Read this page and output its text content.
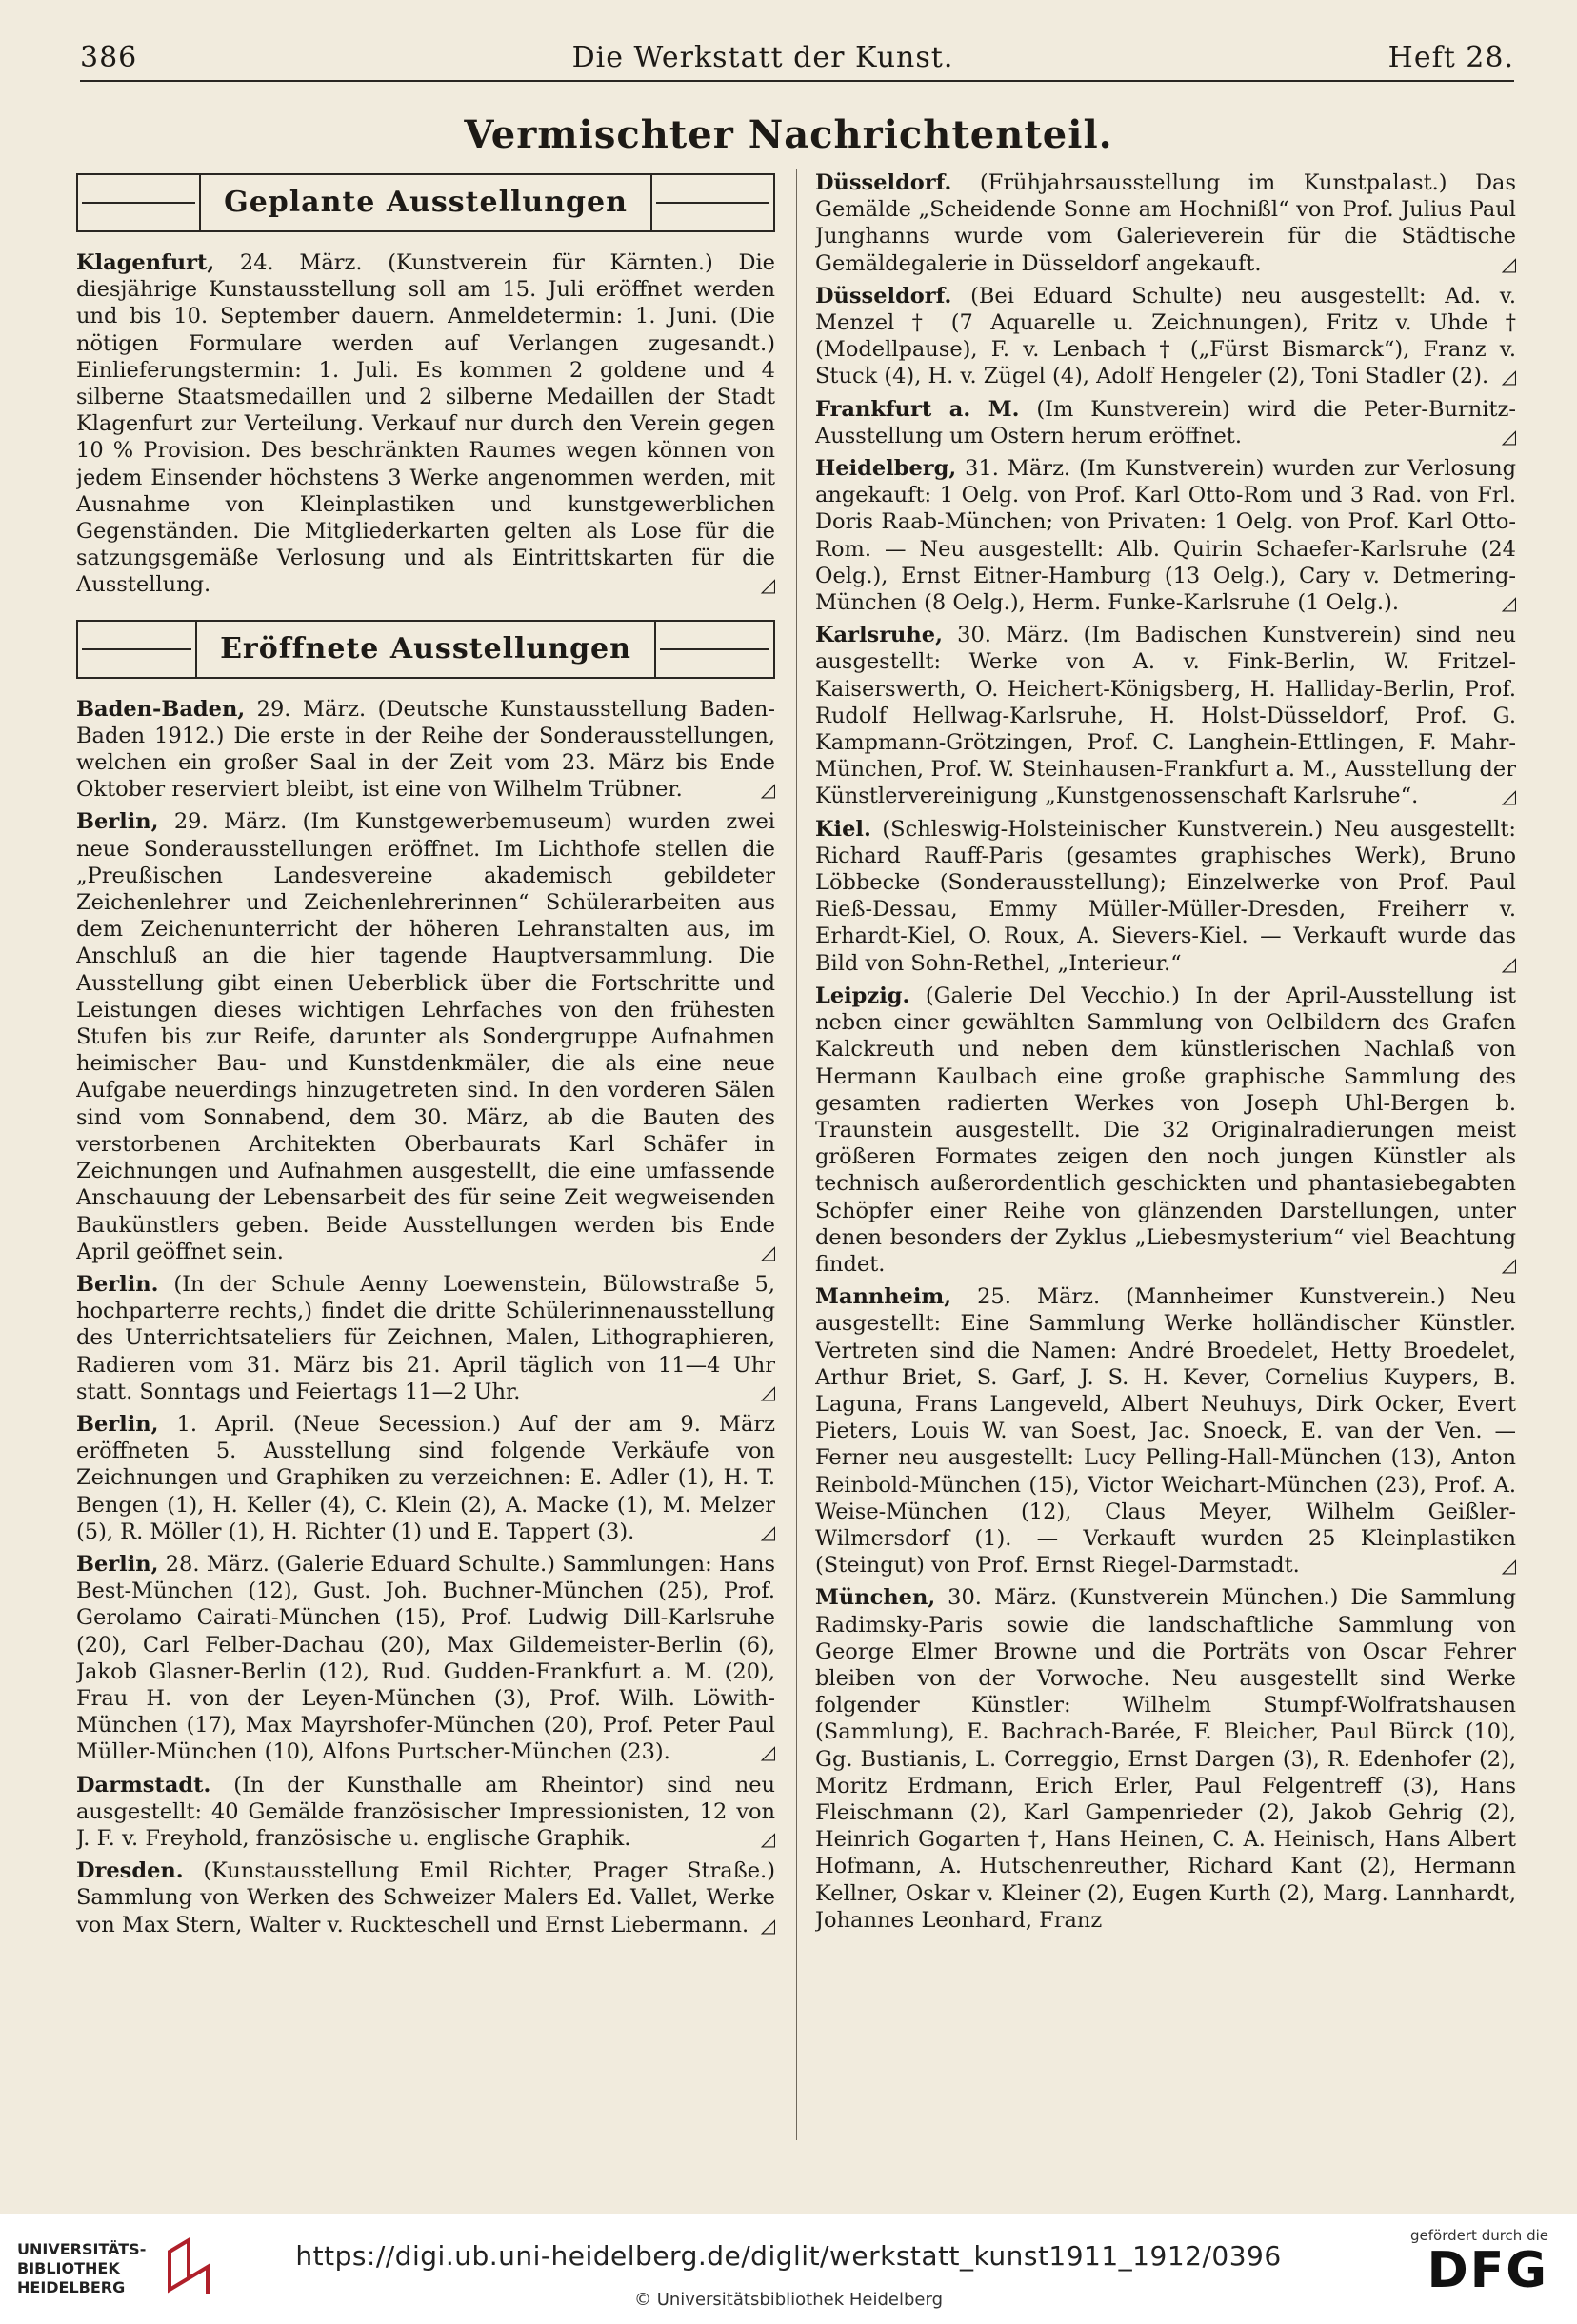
386	Die Werkstatt der Kunst.	Heft 28.
Vermischter Nachrichtenteil.
Geplante Ausstellungen

Klagenfurt, 24. März. (Kunstverein für Kärnten.) Die diesjährige Kunstausstellung soll am 15. Juli eröffnet werden und bis 10. September dauern. Anmeldetermin: 1. Juni. (Die nötigen Formulare werden auf Verlangen zugesandt.) Einlieferungstermin: 1. Juli. Es kommen 2 goldene und 4 silberne Staatsmedaillen und 2 silberne Medaillen der Stadt Klagenfurt zur Verteilung. Verkauf nur durch den Verein gegen 10 % Provision. Des beschränkten Raumes wegen können von jedem Einsender höchstens 3 Werke angenommen werden, mit Ausnahme von Kleinplastiken und kunstgewerblichen Gegenständen. Die Mitgliederkarten gelten als Lose für die satzungsgemäße Verlosung und als Eintrittskarten für die Ausstellung.	◿

Eröffnete Ausstellungen

Baden-Baden, 29. März. (Deutsche Kunstausstellung Baden-Baden 1912.) Die erste in der Reihe der Sonderausstellungen, welchen ein großer Saal in der Zeit vom 23. März bis Ende Oktober reserviert bleibt, ist eine von Wilhelm Trübner.	◿

Berlin, 29. März. (Im Kunstgewerbemuseum) wurden zwei neue Sonderausstellungen eröffnet. Im Lichthofe stellen die „Preußischen Landesvereine akademisch gebildeter Zeichenlehrer und Zeichenlehrerinnen“ Schülerarbeiten aus dem Zeichenunterricht der höheren Lehranstalten aus, im Anschluß an die hier tagende Hauptversammlung. Die Ausstellung gibt einen Ueberblick über die Fortschritte und Leistungen dieses wichtigen Lehrfaches von den frühesten Stufen bis zur Reife, darunter als Sondergruppe Aufnahmen heimischer Bau- und Kunstdenkmäler, die als eine neue Aufgabe neuerdings hinzugetreten sind. In den vorderen Sälen sind vom Sonnabend, dem 30. März, ab die Bauten des verstorbenen Architekten Oberbaurats Karl Schäfer in Zeichnungen und Aufnahmen ausgestellt, die eine umfassende Anschauung der Lebensarbeit des für seine Zeit wegweisenden Baukünstlers geben. Beide Ausstellungen werden bis Ende April geöffnet sein.	◿

Berlin. (In der Schule Aenny Loewenstein, Bülowstraße 5, hochparterre rechts,) findet die dritte Schülerinnenausstellung des Unterrichtsateliers für Zeichnen, Malen, Lithographieren, Radieren vom 31. März bis 21. April täglich von 11—4 Uhr statt. Sonntags und Feiertags 11—2 Uhr.	◿

Berlin, 1. April. (Neue Secession.) Auf der am 9. März eröffneten 5. Ausstellung sind folgende Verkäufe von Zeichnungen und Graphiken zu verzeichnen: E. Adler (1), H. T. Bengen (1), H. Keller (4), C. Klein (2), A. Macke (1), M. Melzer (5), R. Möller (1), H. Richter (1) und E. Tappert (3).	◿

Berlin, 28. März. (Galerie Eduard Schulte.) Sammlungen: Hans Best-München (12), Gust. Joh. Buchner-München (25), Prof. Gerolamo Cairati-München (15), Prof. Ludwig Dill-Karlsruhe (20), Carl Felber-Dachau (20), Max Gildemeister-Berlin (6), Jakob Glasner-Berlin (12), Rud. Gudden-Frankfurt a. M. (20), Frau H. von der Leyen-München (3), Prof. Wilh. Löwith-München (17), Max Mayrshofer-München (20), Prof. Peter Paul Müller-München (10), Alfons Purtscher-München (23).	◿

Darmstadt. (In der Kunsthalle am Rheintor) sind neu ausgestellt: 40 Gemälde französischer Impressionisten, 12 von J. F. v. Freyhold, französische u. englische Graphik.	◿

Dresden. (Kunstausstellung Emil Richter, Prager Straße.) Sammlung von Werken des Schweizer Malers Ed. Vallet, Werke von Max Stern, Walter v. Ruckteschell und Ernst Liebermann. ◿

Düsseldorf. (Frühjahrsausstellung im Kunstpalast.) Das Gemälde „Scheidende Sonne am Hochnißl“ von Prof. Julius Paul Junghanns wurde vom Galerieverein für die Städtische Gemäldegalerie in Düsseldorf angekauft.	◿

Düsseldorf. (Bei Eduard Schulte) neu ausgestellt: Ad. v. Menzel † (7 Aquarelle u. Zeichnungen), Fritz v. Uhde † (Modellpause), F. v. Lenbach † („Fürst Bismarck“), Franz v. Stuck (4), H. v. Zügel (4), Adolf Hengeler (2), Toni Stadler (2). ◿

Frankfurt a. M. (Im Kunstverein) wird die Peter-Burnitz-Ausstellung um Ostern herum eröffnet.	◿

Heidelberg, 31. März. (Im Kunstverein) wurden zur Verlosung angekauft: 1 Oelg. von Prof. Karl Otto-Rom und 3 Rad. von Frl. Doris Raab-München; von Privaten: 1 Oelg. von Prof. Karl Otto-Rom. — Neu ausgestellt: Alb. Quirin Schaefer-Karlsruhe (24 Oelg.), Ernst Eitner-Hamburg (13 Oelg.), Cary v. Detmering-München (8 Oelg.), Herm. Funke-Karlsruhe (1 Oelg.).	◿

Karlsruhe, 30. März. (Im Badischen Kunstverein) sind neu ausgestellt: Werke von A. v. Fink-Berlin, W. Fritzel-Kaiserswerth, O. Heichert-Königsberg, H. Halliday-Berlin, Prof. Rudolf Hellwag-Karlsruhe, H. Holst-Düsseldorf, Prof. G. Kampmann-Grötzingen, Prof. C. Langhein-Ettlingen, F. Mahr-München, Prof. W. Steinhausen-Frankfurt a. M., Ausstellung der Künstlervereinigung „Kunstgenossenschaft Karlsruhe“.	◿

Kiel. (Schleswig-Holsteinischer Kunstverein.) Neu ausgestellt: Richard Rauff-Paris (gesamtes graphisches Werk), Bruno Löbbecke (Sonderausstellung); Einzelwerke von Prof. Paul Rieß-Dessau, Emmy Müller-Müller-Dresden, Freiherr v. Erhardt-Kiel, O. Roux, A. Sievers-Kiel. — Verkauft wurde das Bild von Sohn-Rethel, „Interieur.“	◿

Leipzig. (Galerie Del Vecchio.) In der April-Ausstellung ist neben einer gewählten Sammlung von Oelbildern des Grafen Kalckreuth und neben dem künstlerischen Nachlaß von Hermann Kaulbach eine große graphische Sammlung des gesamten radierten Werkes von Joseph Uhl-Bergen b. Traunstein ausgestellt. Die 32 Originalradierungen meist größeren Formates zeigen den noch jungen Künstler als technisch außerordentlich geschickten und phantasiebegabten Schöpfer einer Reihe von glänzenden Darstellungen, unter denen besonders der Zyklus „Liebesmysterium“ viel Beachtung findet.	◿

Mannheim, 25. März. (Mannheimer Kunstverein.) Neu ausgestellt: Eine Sammlung Werke holländischer Künstler. Vertreten sind die Namen: André Broedelet, Hetty Broedelet, Arthur Briet, S. Garf, J. S. H. Kever, Cornelius Kuypers, B. Laguna, Frans Langeveld, Albert Neuhuys, Dirk Ocker, Evert Pieters, Louis W. van Soest, Jac. Snoeck, E. van der Ven. — Ferner neu ausgestellt: Lucy Pelling-Hall-München (13), Anton Reinbold-München (15), Victor Weichart-München (23), Prof. A. Weise-München (12), Claus Meyer, Wilhelm Geißler-Wilmersdorf (1). — Verkauft wurden 25 Kleinplastiken (Steingut) von Prof. Ernst Riegel-Darmstadt.	◿

München, 30. März. (Kunstverein München.) Die Sammlung Radimsky-Paris sowie die landschaftliche Sammlung von George Elmer Browne und die Porträts von Oscar Fehrer bleiben von der Vorwoche. Neu ausgestellt sind Werke folgender Künstler: Wilhelm Stumpf-Wolfratshausen (Sammlung), E. Bachrach-Barée, F. Bleicher, Paul Bürck (10), Gg. Bustianis, L. Correggio, Ernst Dargen (3), R. Edenhofer (2), Moritz Erdmann, Erich Erler, Paul Felgentreff (3), Hans Fleischmann (2), Karl Gampenrieder (2), Jakob Gehrig (2), Heinrich Gogarten †, Hans Heinen, C. A. Heinisch, Hans Albert Hofmann, A. Hutschenreuther, Richard Kant (2), Hermann Kellner, Oskar v. Kleiner (2), Eugen Kurth (2), Marg. Lannhardt, Johannes Leonhard, Franz

UNIVERSITÄTS-
BIBLIOTHEK
HEIDELBERG
https://digi.ub.uni-heidelberg.de/diglit/werkstatt_kunst1911_1912/0396
© Universitätsbibliothek Heidelberg
gefördert durch die
DFG
